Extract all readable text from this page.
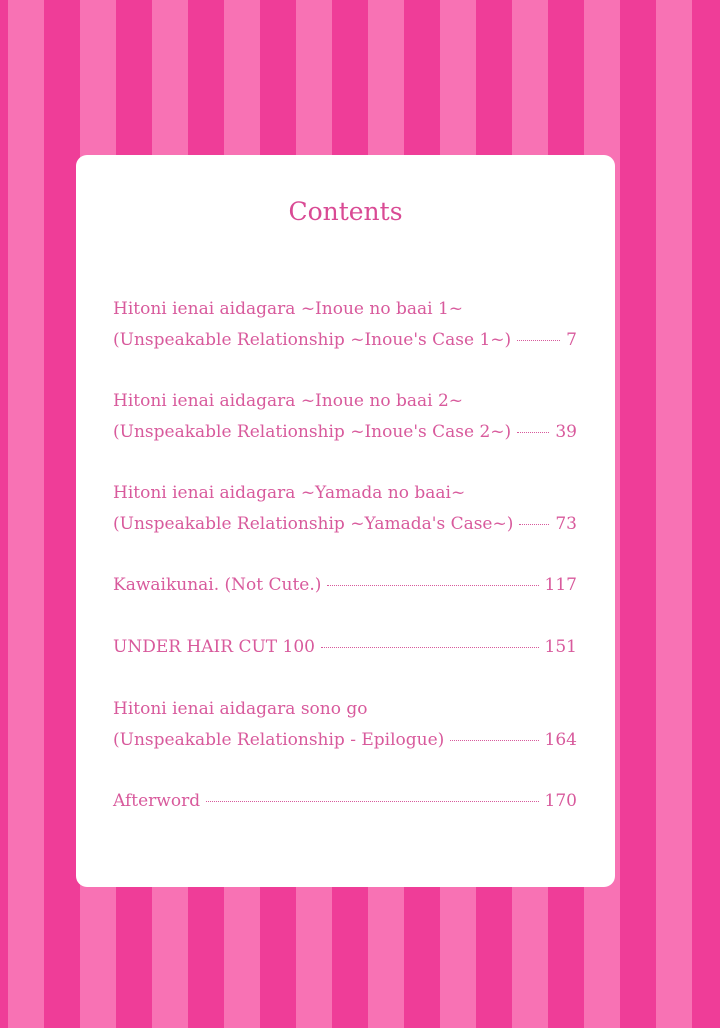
Contents
Hitoni ienai aidagara ~Inoue no baai 1~
(Unspeakable Relationship ~Inoue's Case 1~)	7
Hitoni ienai aidagara ~Inoue no baai 2~
(Unspeakable Relationship ~Inoue's Case 2~)	39
Hitoni ienai aidagara ~Yamada no baai~
(Unspeakable Relationship ~Yamada's Case~) 73
Kawaikunai. (Not Cute.)	117
UNDER HAIR CUT 100	151
Hitoni ienai aidagara sono go
(Unspeakable Relationship - Epilogue)	164
Afterword	170
